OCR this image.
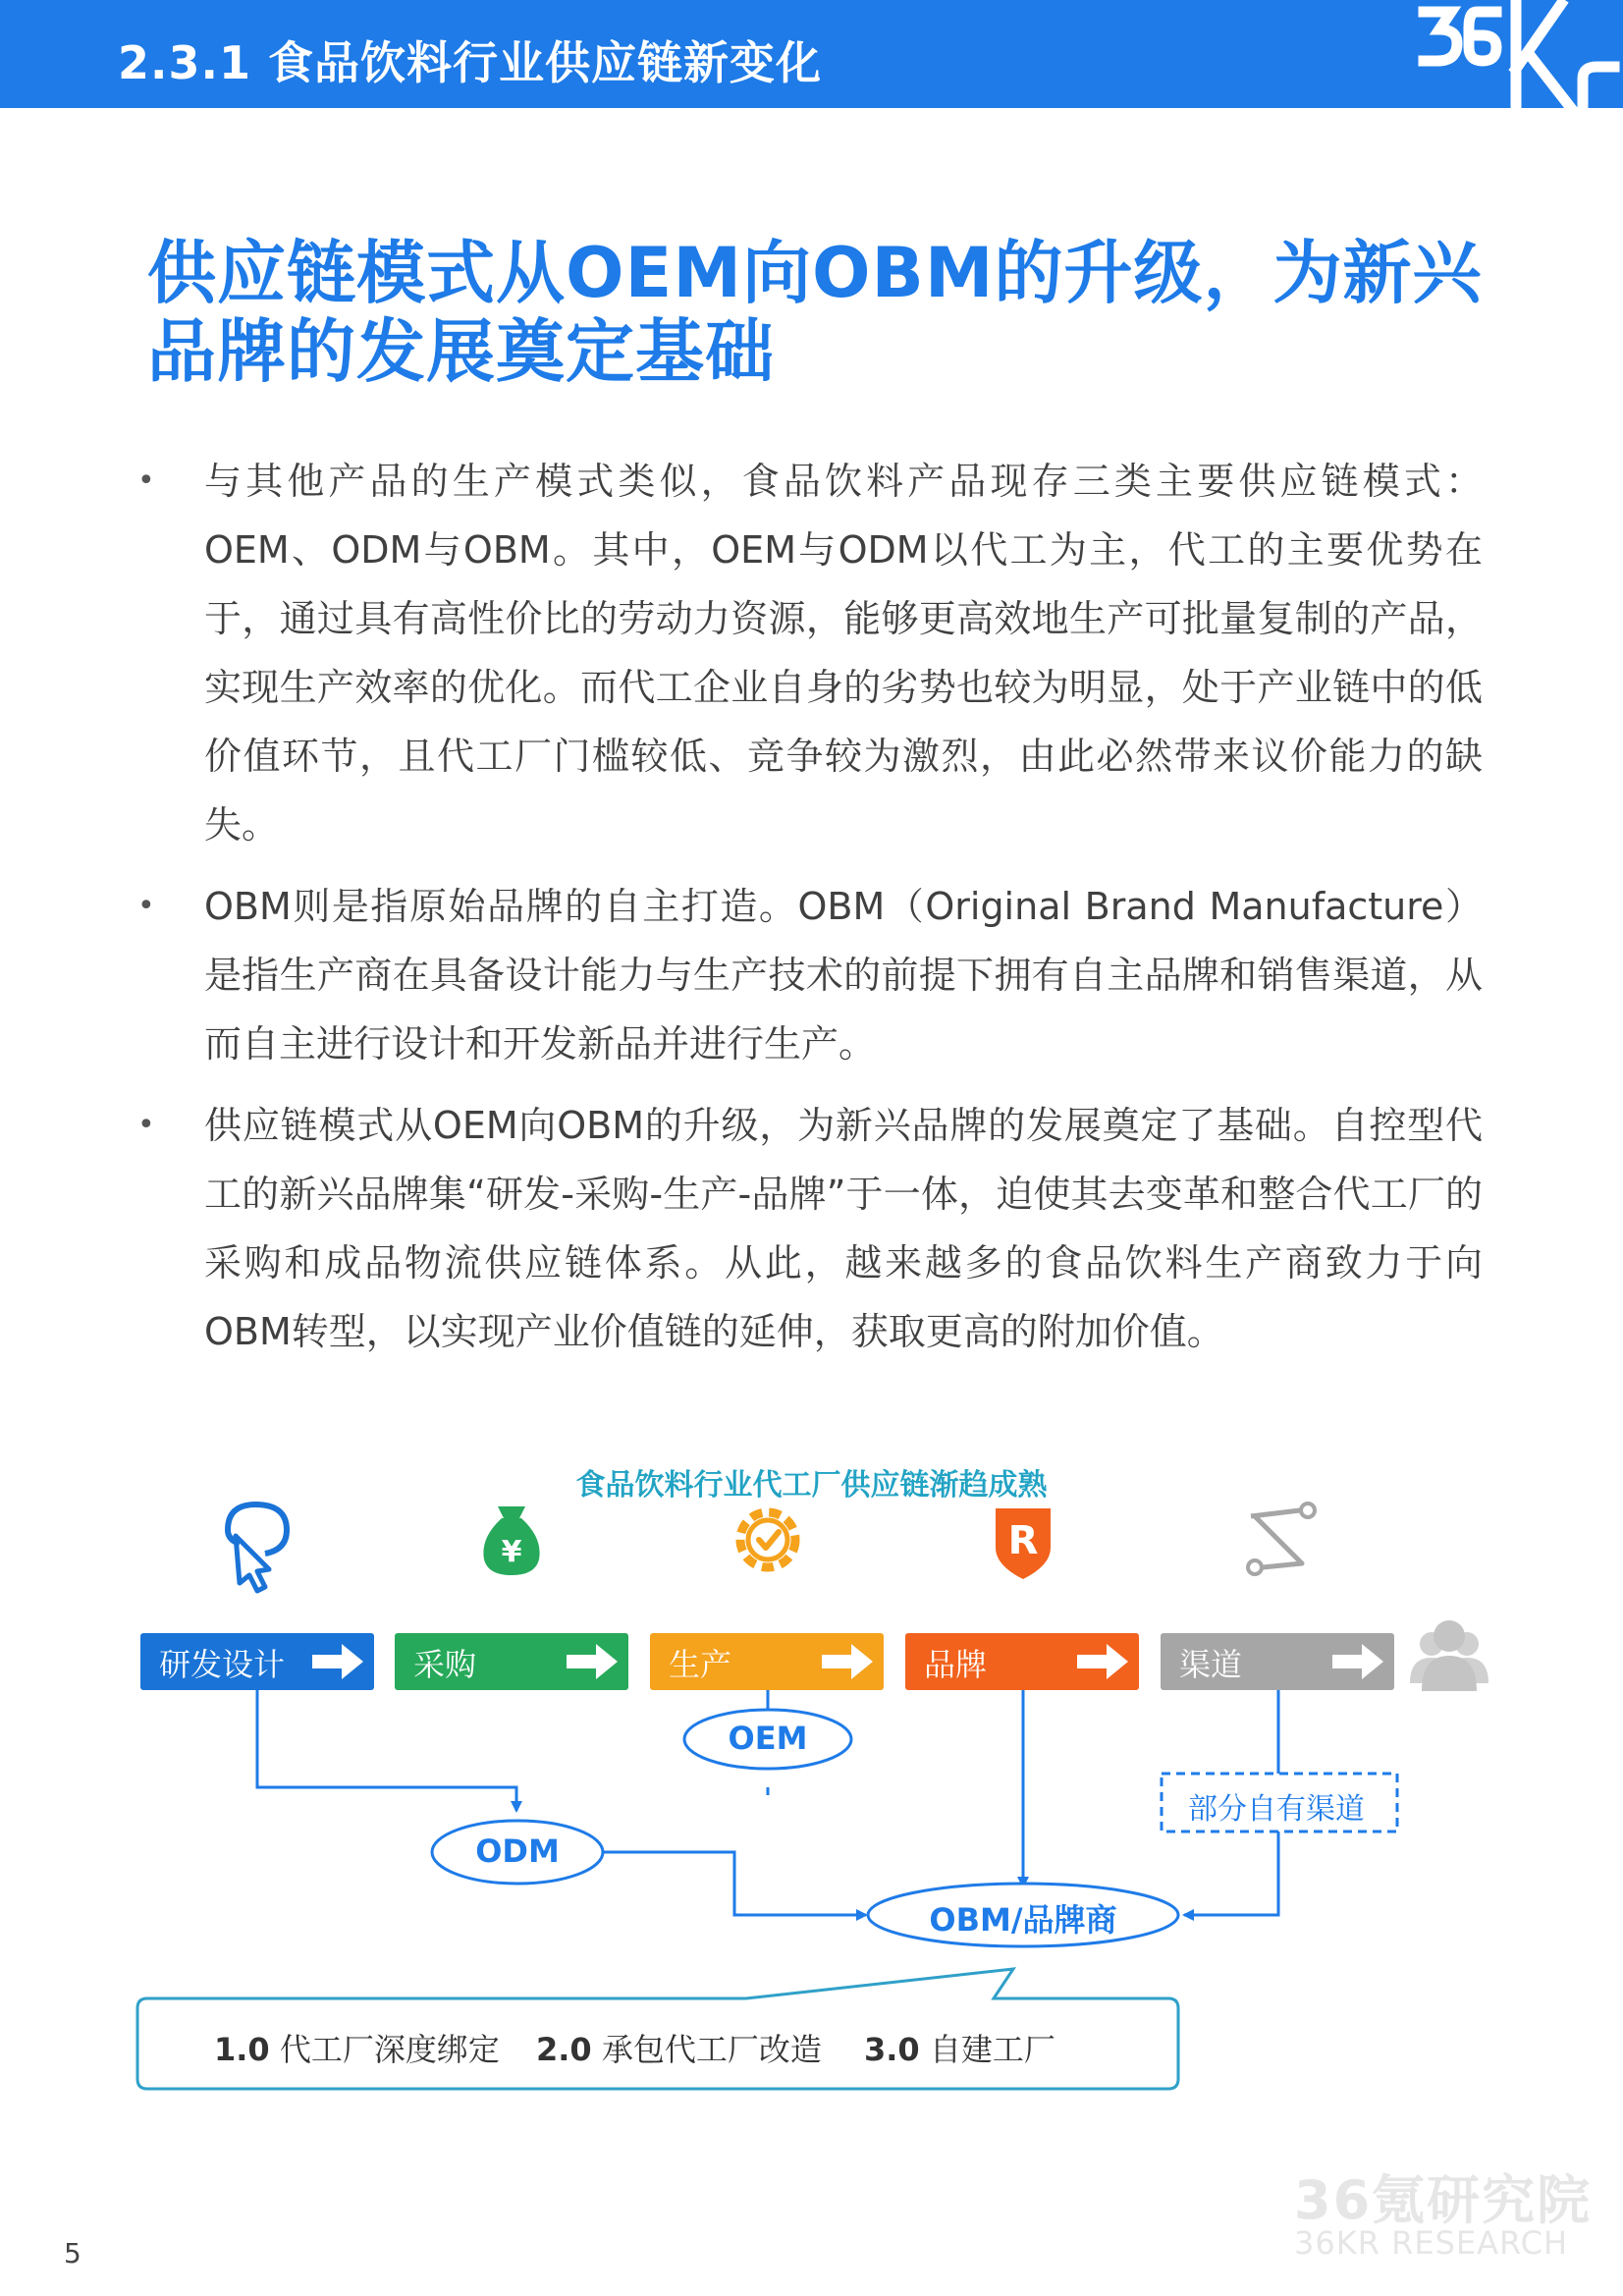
2.3.1 食品饮料行业供应链新变化
供应链模式从OEM向OBM的升级，为新兴品牌的发展奠定基础
• 与其他产品的生产模式类似，食品饮料产品现存三类主要供应链模式：OEM、ODM与OBM。其中，OEM与ODM以代工为主，代工的主要优势在于，通过具有高性价比的劳动力资源，能够更高效地生产可批量复制的产品，实现生产效率的优化。而代工企业自身的劣势也较为明显，处于产业链中的低价值环节，且代工厂门槛较低、竞争较为激烈，由此必然带来议价能力的缺失。
• OBM则是指原始品牌的自主打造。OBM（Original Brand Manufacture）是指生产商在具备设计能力与生产技术的前提下拥有自主品牌和销售渠道，从而自主进行设计和开发新品并进行生产。
• 供应链模式从OEM向OBM的升级，为新兴品牌的发展奠定了基础。自控型代工的新兴品牌集“研发-采购-生产-品牌”于一体，迫使其去变革和整合代工厂的采购和成品物流供应链体系。从此，越来越多的食品饮料生产商致力于向OBM转型，以实现产业价值链的延伸，获取更高的附加价值。
¥	R
食品饮料行业代工厂供应链渐趋成熟
研发设计	采购	生产	品牌	渠道
OEM
ODM
OBM/品牌商
部分自有渠道
1.0 代工厂深度绑定 2.0 承包代工厂改造 3.0 自建工厂
5
36氪研究院
36KR RESEARCH
